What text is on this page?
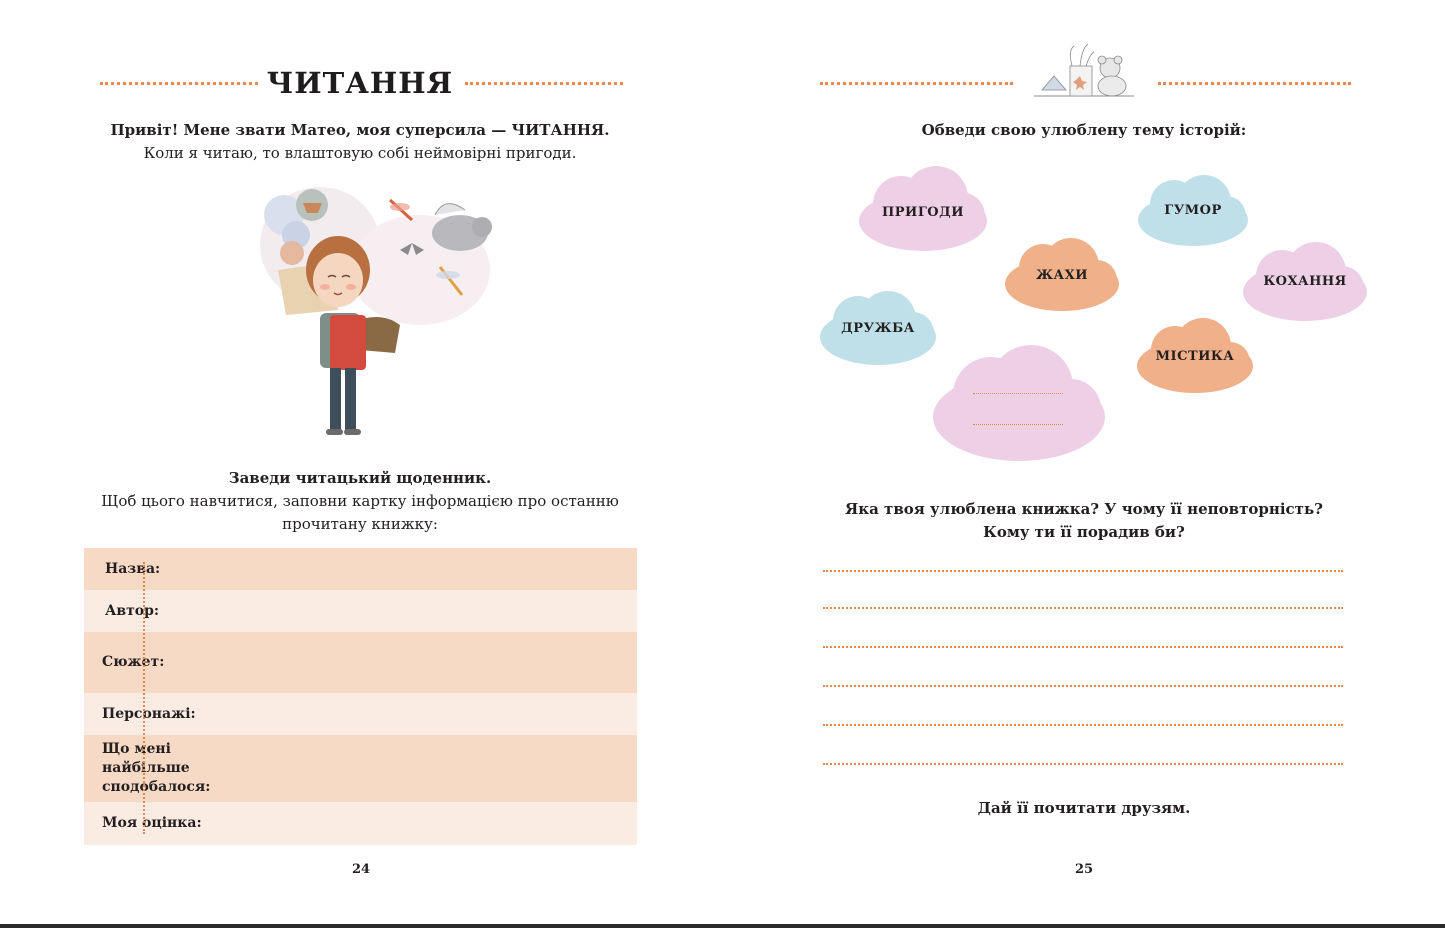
ЧИТАННЯ
Привіт! Мене звати Матео, моя суперсила — ЧИТАННЯ.
Коли я читаю, то влаштовую собі неймовірні пригоди.
Заведи читацький щоденник.
Щоб цього навчитися, заповни картку інформацією про останню
прочитану книжку:
Назва:
Автор:
Сюжет:
Персонажі:
Що мені найбільше сподобалося:
Моя оцінка:
24
Обведи свою улюблену тему історій:
ПРИГОДИ	ГУМОР
ЖАХИ	КОХАННЯ
ДРУЖБА
МІСТИКА
Яка твоя улюблена книжка? У чому її неповторність?
Кому ти її порадив би?
Дай її почитати друзям.
25
